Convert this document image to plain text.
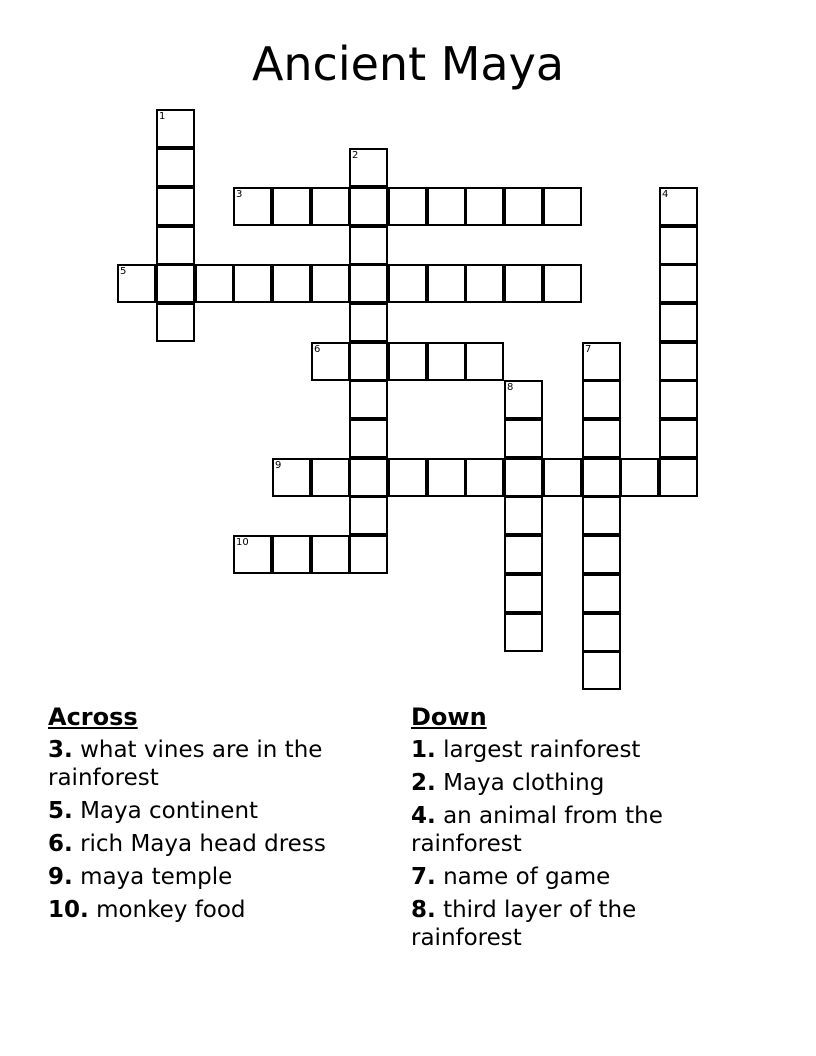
Ancient Maya
1
2
3	4
5
6	7
8
9
10
Across
3. what vines are in the rainforest
5. Maya continent
6. rich Maya head dress
9. maya temple
10. monkey food
Down
1. largest rainforest
2. Maya clothing
4. an animal from the rainforest
7. name of game
8. third layer of the rainforest
